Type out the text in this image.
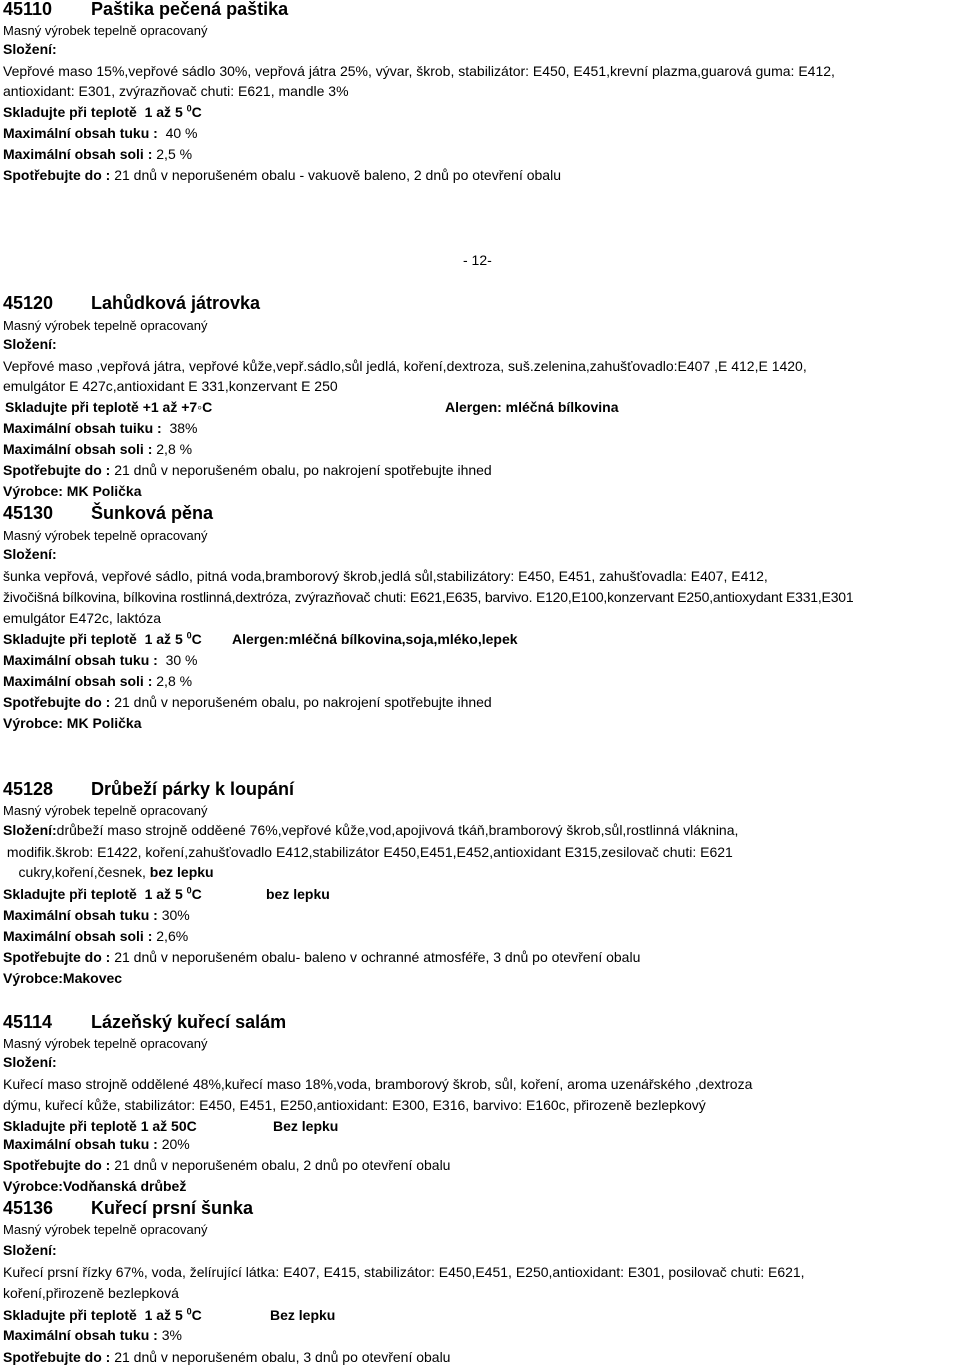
45110 Paštika pečená paštika
Masný výrobek tepelně opracovaný
Složení:
Vepřové maso 15%,vepřové sádlo 30%, vepřová játra 25%, vývar, škrob, stabilizátor: E450, E451,krevní plazma,guarová guma: E412,
antioxidant: E301, zvýrazňovač chuti: E621, mandle 3%
Skladujte při teplotě 1 až 5 $^0$C
Maximální obsah tuku : 40 %
Maximální obsah soli : 2,5 %
Spotřebujte do : 21 dnů v neporušeném obalu - vakuově baleno, 2 dnů po otevření obalu
- 12-
45120 Lahůdková játrovka
Masný výrobek tepelně opracovaný
Složení:
Vepřové maso ,vepřová játra, vepřové kůže,vepř.sádlo,sůl jedlá, koření,dextroza, suš.zelenina,zahušťovadlo:E407 ,E 412,E 1420,
emulgátor E 427c,antioxidant E 331,konzervant E 250
Skladujte při teplotě +1 až +7◦C	Alergen: mléčná bílkovina
Maximální obsah tuiku : 38%
Maximální obsah soli : 2,8 %
Spotřebujte do : 21 dnů v neporušeném obalu, po nakrojení spotřebujte ihned
Výrobce: MK Polička
45130 Šunková pěna
Masný výrobek tepelně opracovaný
Složení:
šunka vepřová, vepřové sádlo, pitná voda,bramborový škrob,jedlá sůl,stabilizátory: E450, E451, zahušťovadla: E407, E412,
živočišná bílkovina, bílkovina rostlinná,dextróza, zvýrazňovač chuti: E621,E635, barvivo. E120,E100,konzervant E250,antioxydant E331,E301
emulgátor E472c, laktóza
Skladujte při teplotě 1 až 5 $^0$C Alergen:mléčná bílkovina,soja,mléko,lepek
Maximální obsah tuku : 30 %
Maximální obsah soli : 2,8 %
Spotřebujte do : 21 dnů v neporušeném obalu, po nakrojení spotřebujte ihned
Výrobce: MK Polička
45128 Drůbeží párky k loupání
Masný výrobek tepelně opracovaný
Složení:drůbeží maso strojně odděené 76%,vepřové kůže,vod,apojivová tkáň,bramborový škrob,sůl,rostlinná vláknina,
modifik.škrob: E1422, koření,zahušťovadlo E412,stabilizátor E450,E451,E452,antioxidant E315,zesilovač chuti: E621
cukry,koření,česnek, bez lepku
Skladujte při teplotě 1 až 5 $^0$C	bez lepku
Maximální obsah tuku : 30%
Maximální obsah soli : 2,6%
Spotřebujte do : 21 dnů v neporušeném obalu- baleno v ochranné atmosféře, 3 dnů po otevření obalu
Výrobce:Makovec
45114 Lázeňský kuřecí salám
Masný výrobek tepelně opracovaný
Složení:
Kuřecí maso strojně oddělené 48%,kuřecí maso 18%,voda, bramborový škrob, sůl, koření, aroma uzenářského ,dextroza
dýmu, kuřecí kůže, stabilizátor: E450, E451, E250,antioxidant: E300, E316, barvivo: E160c, přirozeně bezlepkový
Skladujte při teplotě 1 až 50C	Bez lepku
Maximální obsah tuku : 20%
Spotřebujte do : 21 dnů v neporušeném obalu, 2 dnů po otevření obalu
Výrobce:Vodňanská drůbež
45136 Kuřecí prsní šunka
Masný výrobek tepelně opracovaný
Složení:
Kuřecí prsní řízky 67%, voda, želírující látka: E407, E415, stabilizátor: E450,E451, E250,antioxidant: E301, posilovač chuti: E621,
koření,přirozeně bezlepková
Skladujte při teplotě 1 až 5 $^0$C	Bez lepku
Maximální obsah tuku : 3%
Spotřebujte do : 21 dnů v neporušeném obalu, 3 dnů po otevření obalu
